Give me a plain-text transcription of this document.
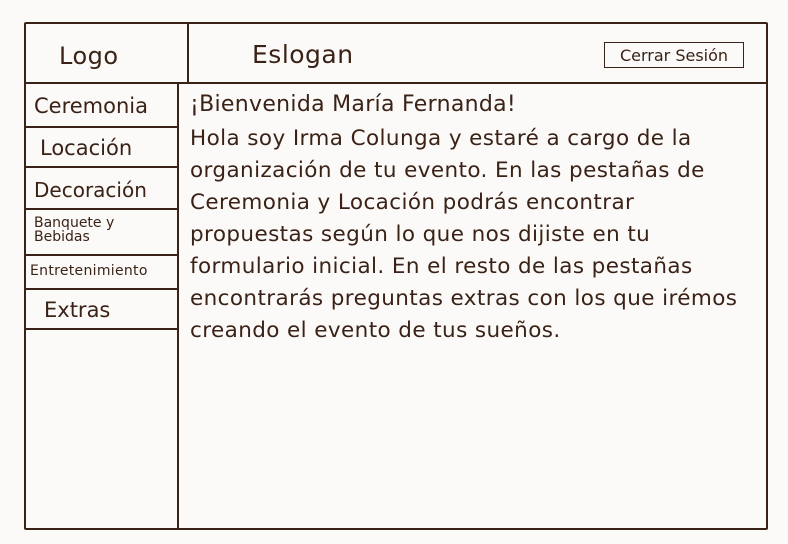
Logo	Eslogan	Cerrar Sesión
Ceremonia
Locación
Decoración
Banquete y Bebidas
Entretenimiento
Extras
¡Bienvenida María Fernanda!
Hola soy Irma Colunga y estaré a cargo de la organización de tu evento. En las pestañas de Ceremonia y Locación podrás encontrar propuestas según lo que nos dijiste en tu formulario inicial. En el resto de las pestañas encontrarás preguntas extras con los que irémos creando el evento de tus sueños.
